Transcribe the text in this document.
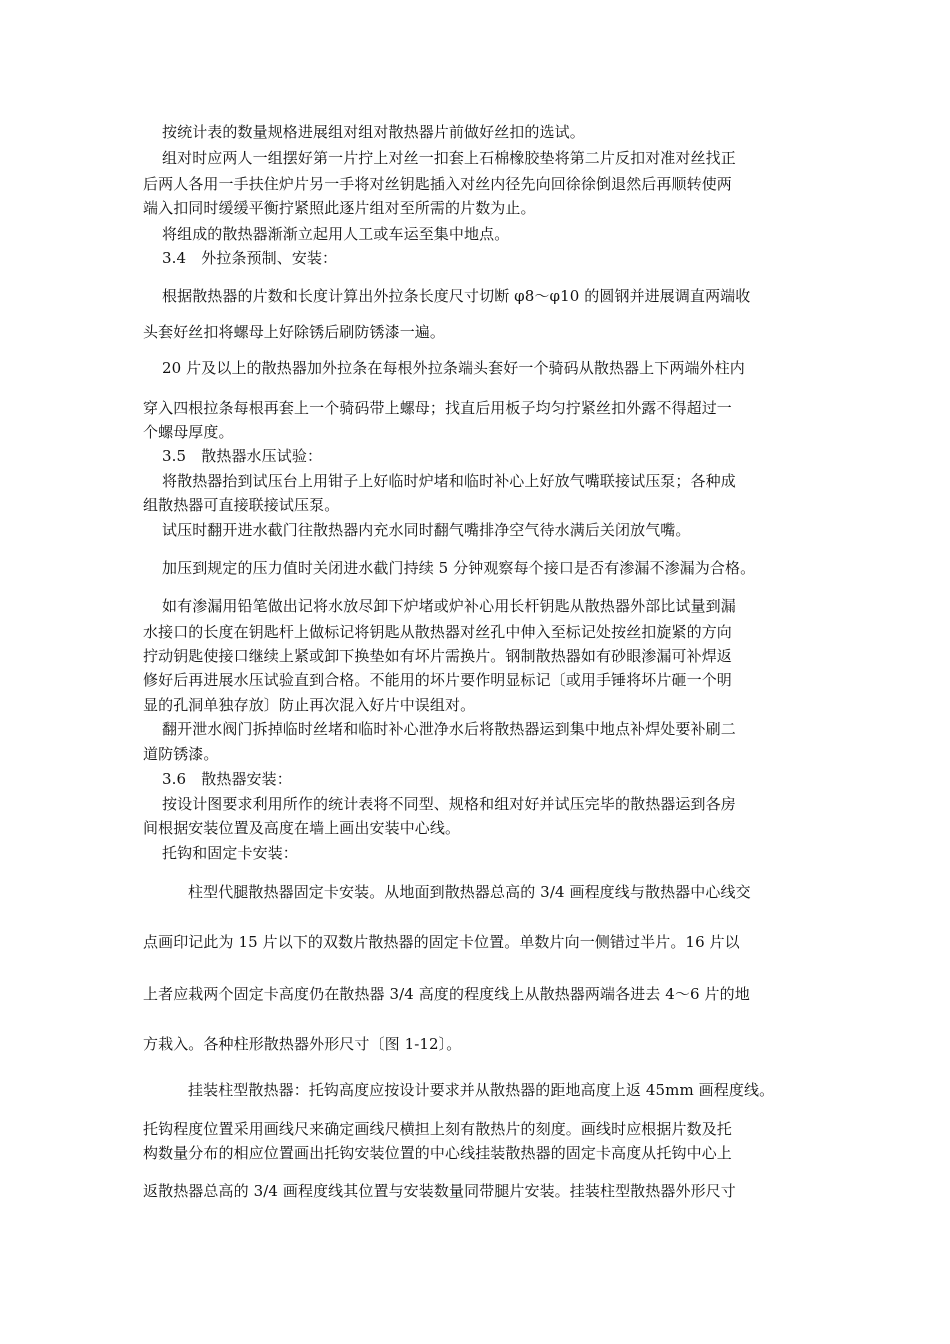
按统计表的数量规格进展组对组对散热器片前做好丝扣的选试。
组对时应两人一组摆好第一片拧上对丝一扣套上石棉橡胶垫将第二片反扣对准对丝找正
后两人各用一手扶住炉片另一手将对丝钥匙插入对丝内径先向回徐徐倒退然后再顺转使两
端入扣同时缓缓平衡拧紧照此逐片组对至所需的片数为止。
将组成的散热器渐渐立起用人工或车运至集中地点。
3.4　外拉条预制、安装：
根据散热器的片数和长度计算出外拉条长度尺寸切断 φ8～φ10 的圆钢并进展调直两端收
头套好丝扣将螺母上好除锈后刷防锈漆一遍。
20 片及以上的散热器加外拉条在每根外拉条端头套好一个骑码从散热器上下两端外柱内
穿入四根拉条每根再套上一个骑码带上螺母；找直后用板子均匀拧紧丝扣外露不得超过一
个螺母厚度。
3.5　散热器水压试验：
将散热器抬到试压台上用钳子上好临时炉堵和临时补心上好放气嘴联接试压泵；各种成
组散热器可直接联接试压泵。
试压时翻开进水截门往散热器内充水同时翻气嘴排净空气待水满后关闭放气嘴。
加压到规定的压力值时关闭进水截门持续 5 分钟观察每个接口是否有渗漏不渗漏为合格。
如有渗漏用铅笔做出记将水放尽卸下炉堵或炉补心用长杆钥匙从散热器外部比试量到漏
水接口的长度在钥匙杆上做标记将钥匙从散热器对丝孔中伸入至标记处按丝扣旋紧的方向
拧动钥匙使接口继续上紧或卸下换垫如有坏片需换片。钢制散热器如有砂眼渗漏可补焊返
修好后再进展水压试验直到合格。不能用的坏片要作明显标记〔或用手锤将坏片砸一个明
显的孔洞单独存放〕防止再次混入好片中误组对。
翻开泄水阀门拆掉临时丝堵和临时补心泄净水后将散热器运到集中地点补焊处要补刷二
道防锈漆。
3.6　散热器安装：
按设计图要求利用所作的统计表将不同型、规格和组对好并试压完毕的散热器运到各房
间根据安装位置及高度在墙上画出安装中心线。
托钩和固定卡安装：
柱型代腿散热器固定卡安装。从地面到散热器总高的 3/4 画程度线与散热器中心线交
点画印记此为 15 片以下的双数片散热器的固定卡位置。单数片向一侧错过半片。16 片以
上者应栽两个固定卡高度仍在散热器 3/4 高度的程度线上从散热器两端各进去 4～6 片的地
方栽入。各种柱形散热器外形尺寸〔图 1-12〕。
挂装柱型散热器：托钩高度应按设计要求并从散热器的距地高度上返 45mm 画程度线。
托钩程度位置采用画线尺来确定画线尺横担上刻有散热片的刻度。画线时应根据片数及托
构数量分布的相应位置画出托钩安装位置的中心线挂装散热器的固定卡高度从托钩中心上
返散热器总高的 3/4 画程度线其位置与安装数量同带腿片安装。挂装柱型散热器外形尺寸
